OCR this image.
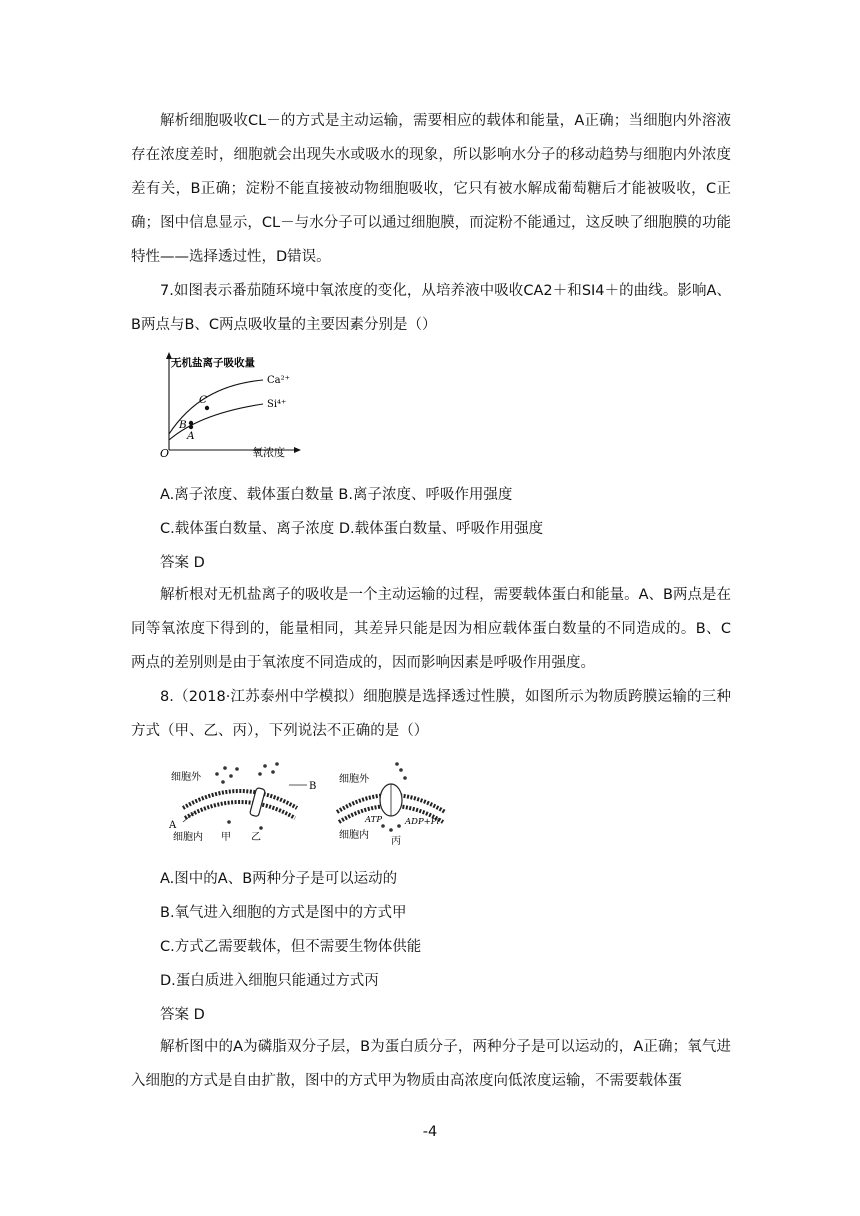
解析细胞吸收CL－的方式是主动运输，需要相应的载体和能量，A正确；当细胞内外溶液存在浓度差时，细胞就会出现失水或吸水的现象，所以影响水分子的移动趋势与细胞内外浓度差有关，B正确；淀粉不能直接被动物细胞吸收，它只有被水解成葡萄糖后才能被吸收，C正确；图中信息显示，CL－与水分子可以通过细胞膜，而淀粉不能通过，这反映了细胞膜的功能特性——选择透过性，D错误。

7.如图表示番茄随环境中氧浓度的变化，从培养液中吸收CA2＋和SI4＋的曲线。影响A、B两点与B、C两点吸收量的主要因素分别是（）

无机盐离子吸收量
氧浓度
O
Ca²⁺
Si⁴⁺
B
C
A
A.离子浓度、载体蛋白数量 B.离子浓度、呼吸作用强度
C.载体蛋白数量、离子浓度 D.载体蛋白数量、呼吸作用强度
答案 D

解析根对无机盐离子的吸收是一个主动运输的过程，需要载体蛋白和能量。A、B两点是在同等氧浓度下得到的，能量相同，其差异只能是因为相应载体蛋白数量的不同造成的。B、C两点的差别则是由于氧浓度不同造成的，因而影响因素是呼吸作用强度。

8.（2018·江苏泰州中学模拟）细胞膜是选择透过性膜，如图所示为物质跨膜运输的三种方式（甲、乙、丙），下列说法不正确的是（）

细胞外
细胞内
A
B
甲 乙
细胞外
细胞内
ATP	ADP+Pi
丙
A.图中的A、B两种分子是可以运动的
B.氧气进入细胞的方式是图中的方式甲
C.方式乙需要载体，但不需要生物体供能
D.蛋白质进入细胞只能通过方式丙
答案 D

解析图中的A为磷脂双分子层，B为蛋白质分子，两种分子是可以运动的，A正确；氧气进入细胞的方式是自由扩散，图中的方式甲为物质由高浓度向低浓度运输，不需要载体蛋

-4
